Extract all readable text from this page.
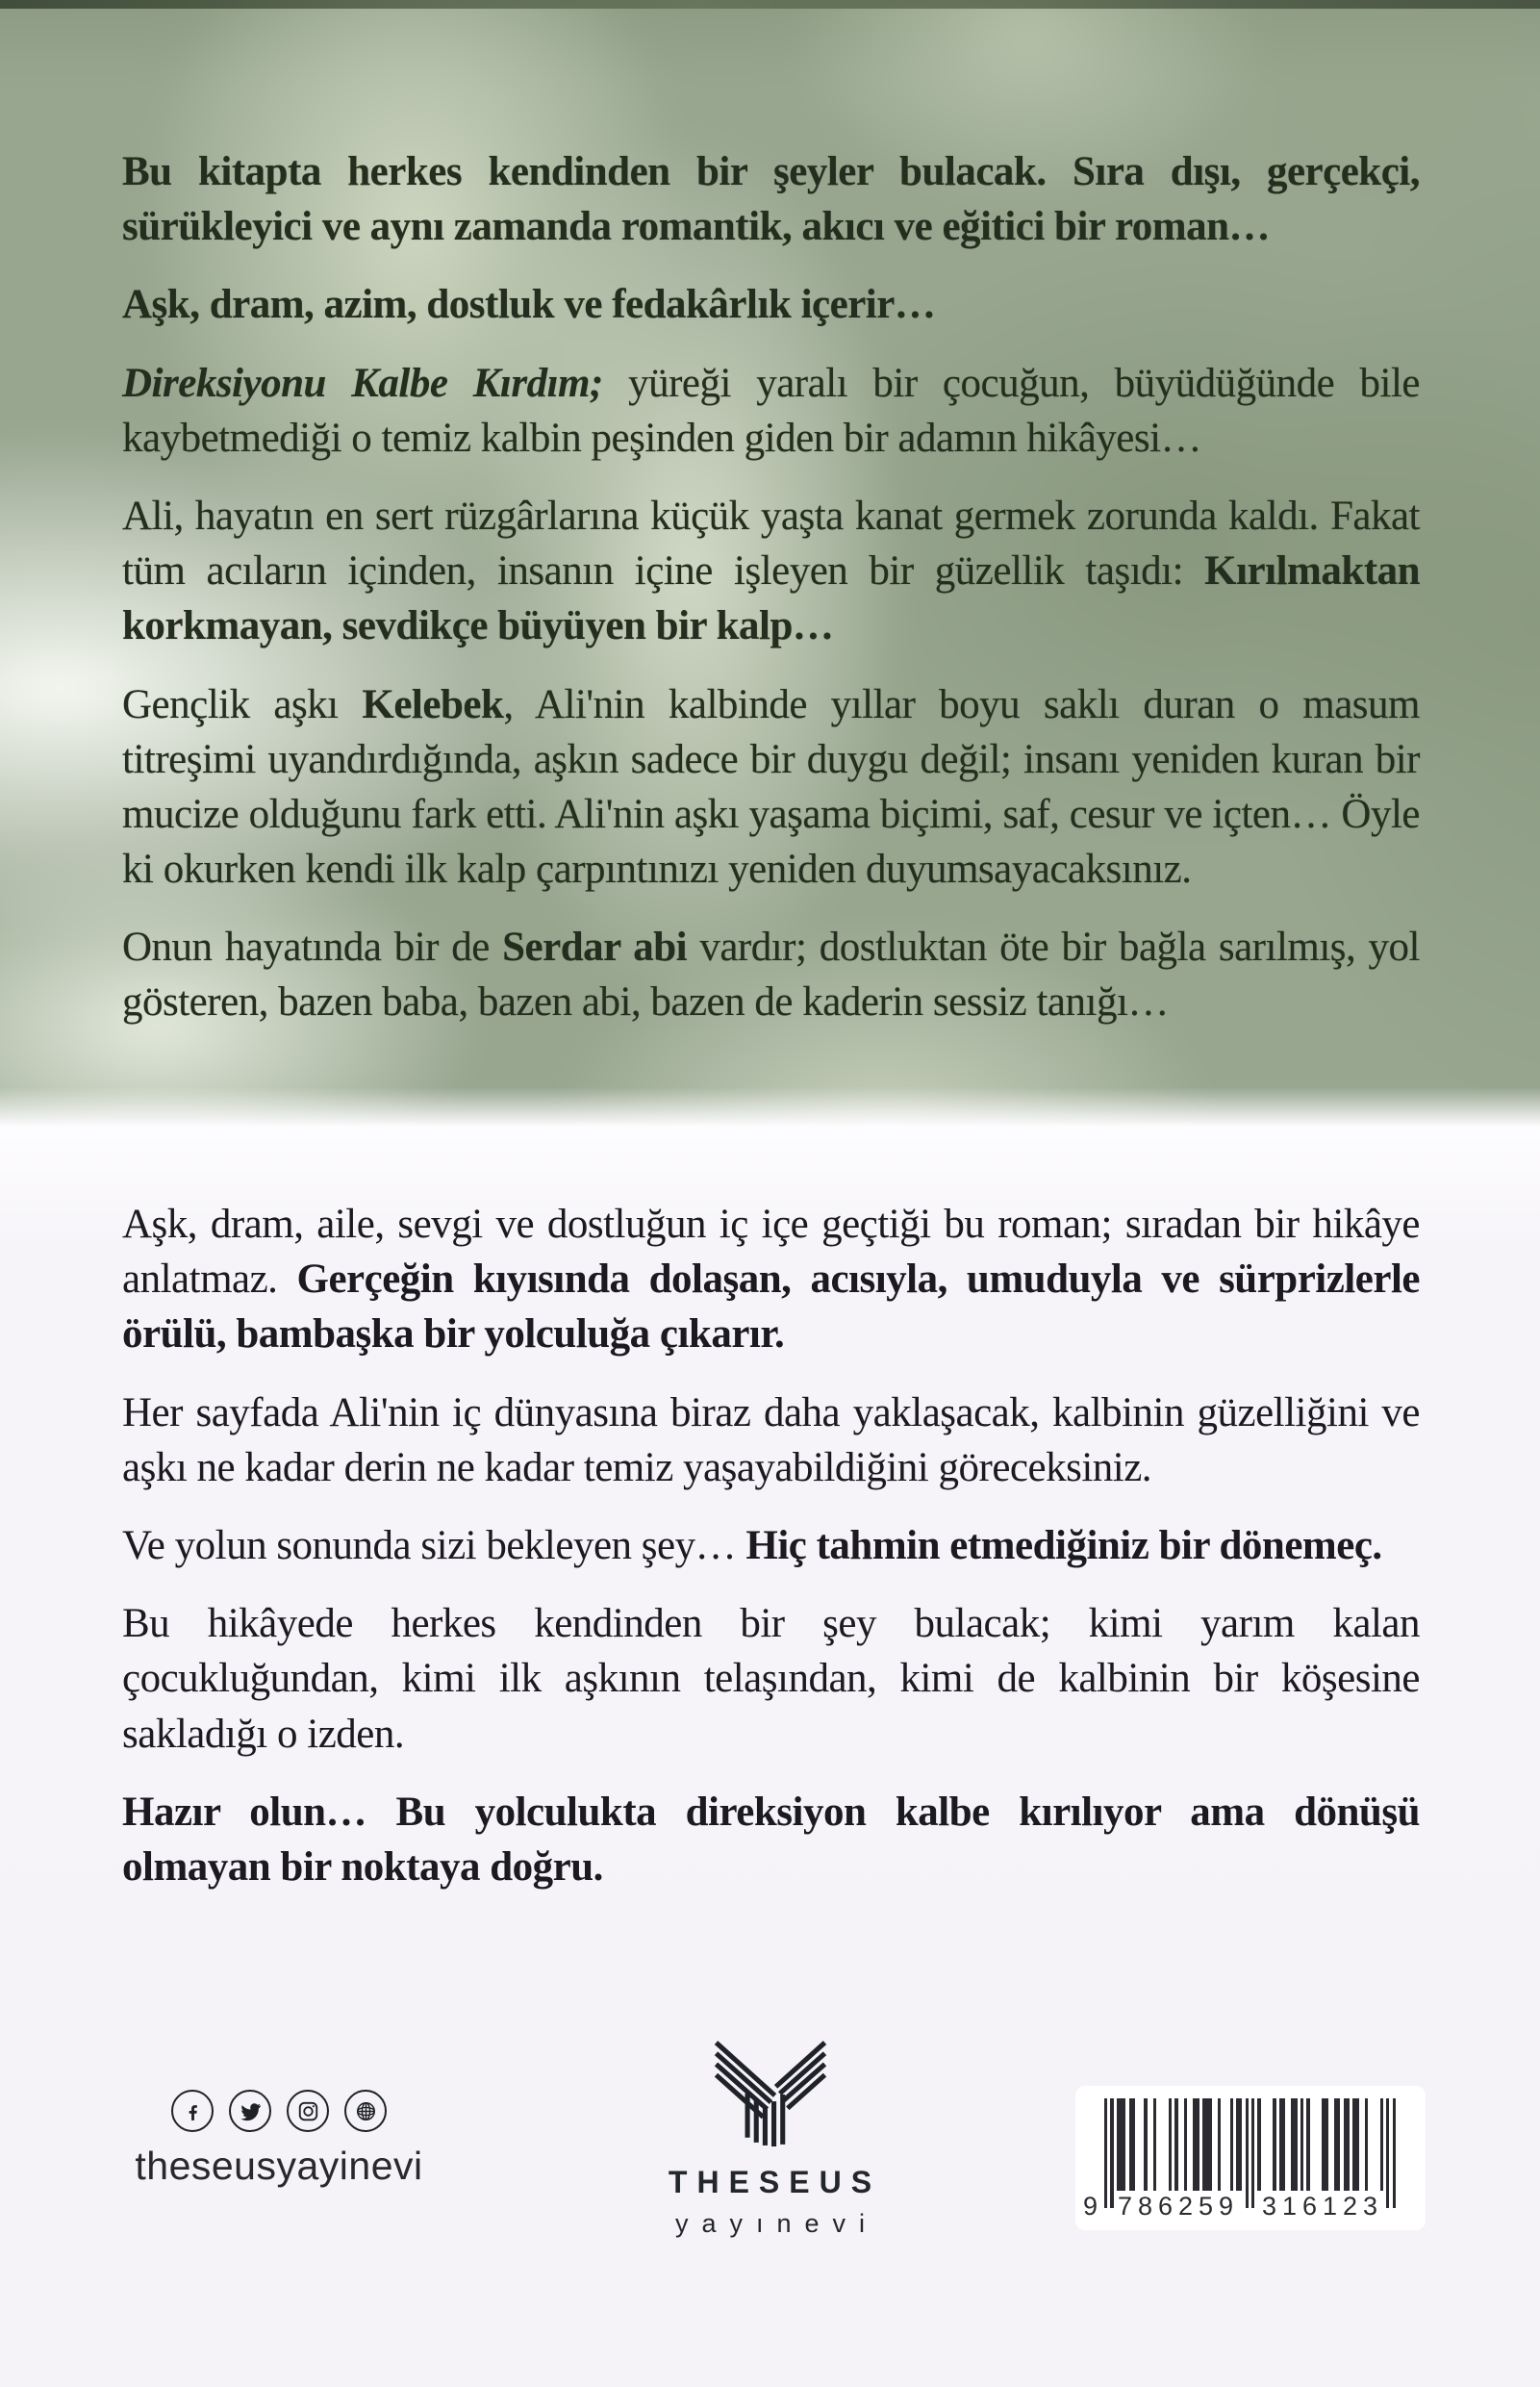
Bu kitapta herkes kendinden bir şeyler bulacak. Sıra dışı, gerçekçi, sürükleyici ve aynı zamanda romantik, akıcı ve eğitici bir roman…

Aşk, dram, azim, dostluk ve fedakârlık içerir…

Direksiyonu Kalbe Kırdım; yüreği yaralı bir çocuğun, büyüdüğünde bile kaybetmediği o temiz kalbin peşinden giden bir adamın hikâyesi…

Ali, hayatın en sert rüzgârlarına küçük yaşta kanat germek zorunda kaldı. Fakat tüm acıların içinden, insanın içine işleyen bir güzellik taşıdı: Kırılmaktan korkmayan, sevdikçe büyüyen bir kalp…

Gençlik aşkı Kelebek, Ali'nin kalbinde yıllar boyu saklı duran o masum titreşimi uyandırdığında, aşkın sadece bir duygu değil; insanı yeniden kuran bir mucize olduğunu fark etti. Ali'nin aşkı yaşama biçimi, saf, cesur ve içten… Öyle ki okurken kendi ilk kalp çarpıntınızı yeniden duyumsayacaksınız.

Onun hayatında bir de Serdar abi vardır; dostluktan öte bir bağla sarılmış, yol gösteren, bazen baba, bazen abi, bazen de kaderin sessiz tanığı…

Aşk, dram, aile, sevgi ve dostluğun iç içe geçtiği bu roman; sıradan bir hikâye anlatmaz. Gerçeğin kıyısında dolaşan, acısıyla, umuduyla ve sürprizlerle örülü, bambaşka bir yolculuğa çıkarır.

Her sayfada Ali'nin iç dünyasına biraz daha yaklaşacak, kalbinin güzelliğini ve aşkı ne kadar derin ne kadar temiz yaşayabildiğini göreceksiniz.

Ve yolun sonunda sizi bekleyen şey… Hiç tahmin etmediğiniz bir dönemeç.

Bu hikâyede herkes kendinden bir şey bulacak; kimi yarım kalan çocukluğundan, kimi ilk aşkının telaşından, kimi de kalbinin bir köşesine sakladığı o izden.

Hazır olun… Bu yolculukta direksiyon kalbe kırılıyor ama dönüşü olmayan bir noktaya doğru.

theseusyayinevi	THESEUS
yayınevi
9 786259 316123
